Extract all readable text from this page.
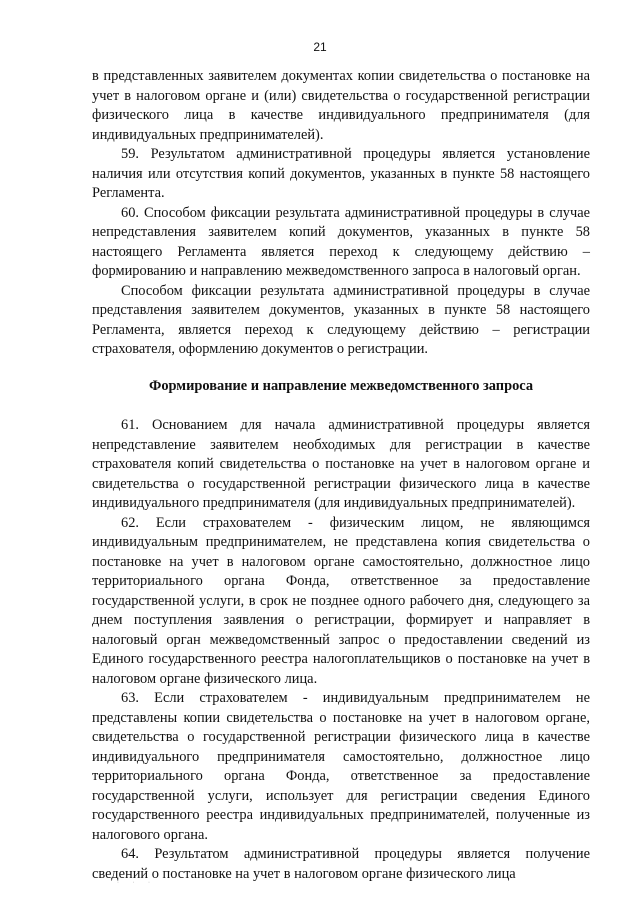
21

в представленных заявителем документах копии свидетельства о постановке на учет в налоговом органе и (или) свидетельства о государственной регистрации физического лица в качестве индивидуального предпринимателя (для индивидуальных предпринимателей).

59. Результатом административной процедуры является установление наличия или отсутствия копий документов, указанных в пункте 58 настоящего Регламента.

60. Способом фиксации результата административной процедуры в случае непредставления заявителем копий документов, указанных в пункте 58 настоящего Регламента является переход к следующему действию – формированию и направлению межведомственного запроса в налоговый орган.

Способом фиксации результата административной процедуры в случае представления заявителем документов, указанных в пункте 58 настоящего Регламента, является переход к следующему действию – регистрации страхователя, оформлению документов о регистрации.

Формирование и направление межведомственного запроса

61. Основанием для начала административной процедуры является непредставление заявителем необходимых для регистрации в качестве страхователя копий свидетельства о постановке на учет в налоговом органе и свидетельства о государственной регистрации физического лица в качестве индивидуального предпринимателя (для индивидуальных предпринимателей).

62. Если страхователем - физическим лицом, не являющимся индивидуальным предпринимателем, не представлена копия свидетельства о постановке на учет в налоговом органе самостоятельно, должностное лицо территориального органа Фонда, ответственное за предоставление государственной услуги, в срок не позднее одного рабочего дня, следующего за днем поступления заявления о регистрации, формирует и направляет в налоговый орган межведомственный запрос о предоставлении сведений из Единого государственного реестра налогоплательщиков о постановке на учет в налоговом органе физического лица.

63. Если страхователем - индивидуальным предпринимателем не представлены копии свидетельства о постановке на учет в налоговом органе, свидетельства о государственной регистрации физического лица в качестве индивидуального предпринимателя самостоятельно, должностное лицо территориального органа Фонда, ответственное за предоставление государственной услуги, использует для регистрации сведения Единого государственного реестра индивидуальных предпринимателей, полученные из налогового органа.

64. Результатом административной процедуры является получение сведений о постановке на учет в налоговом органе физического лица

· · ·
